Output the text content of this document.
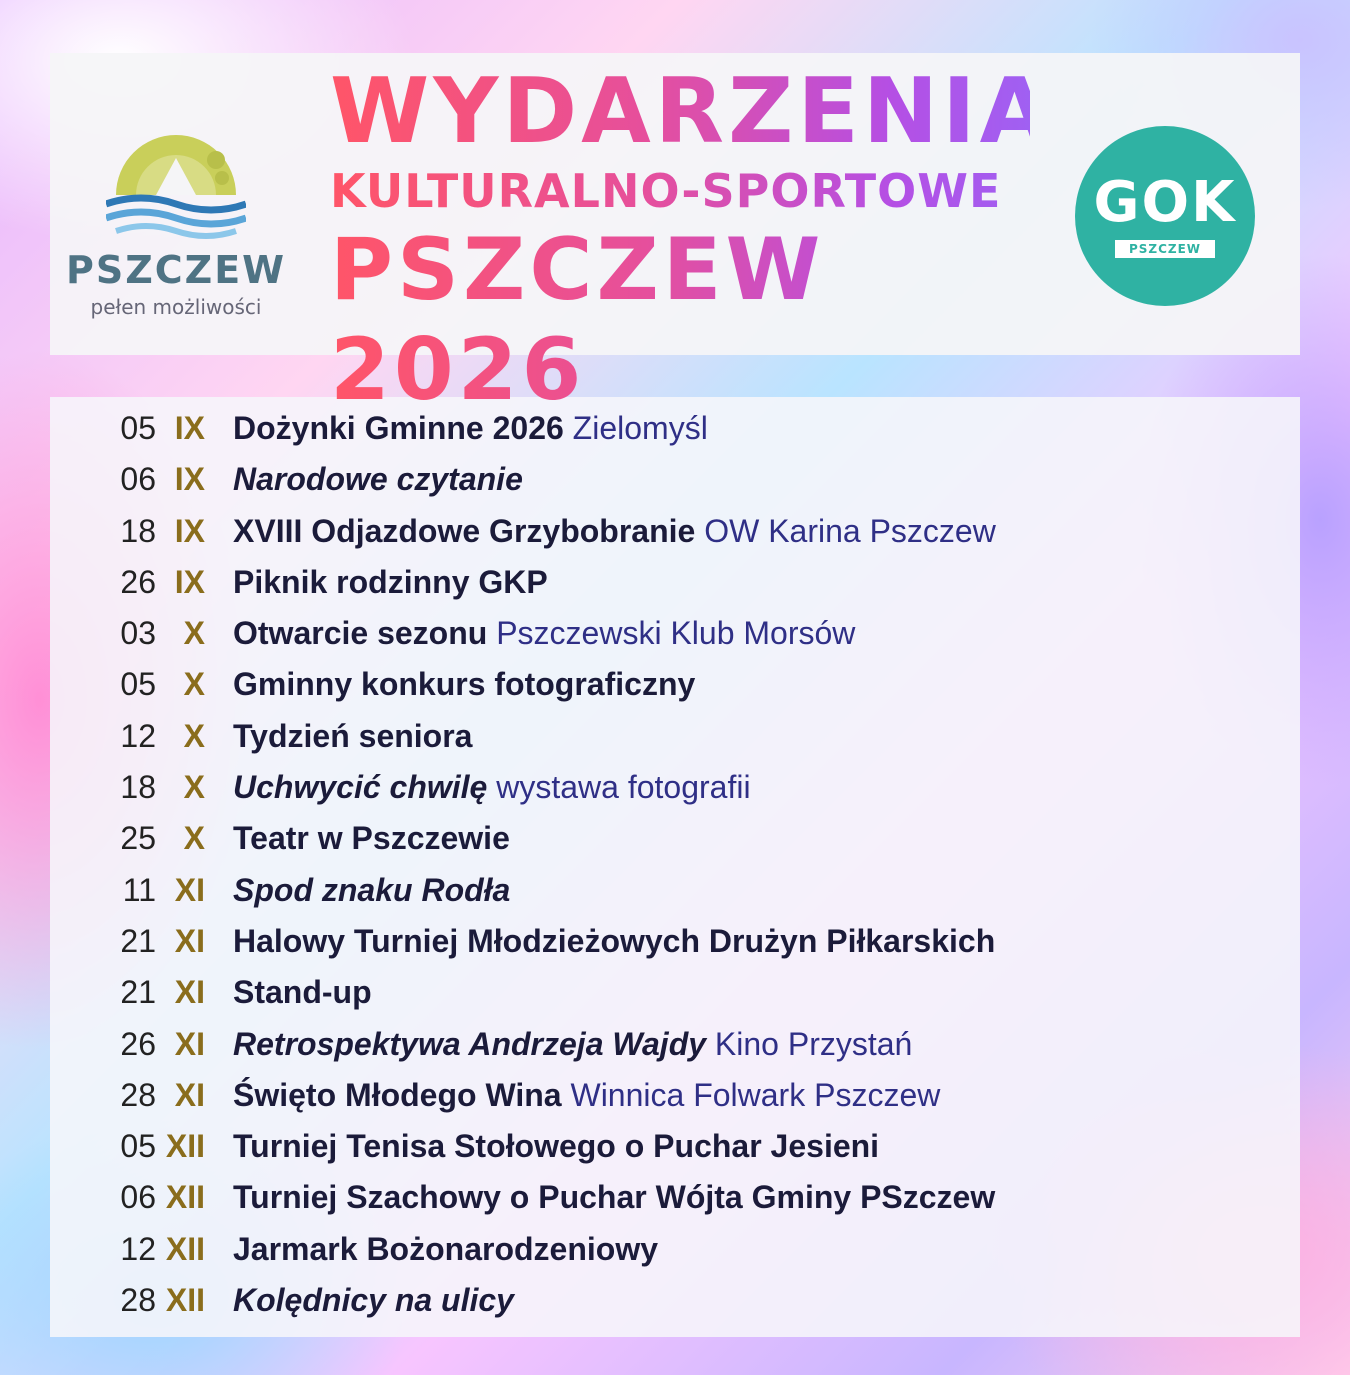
PSZCZEW
pełen możliwości
WYDARZENIA
KULTURALNO-SPORTOWE
PSZCZEW 2026
GOK
PSZCZEW
05 IX Dożynki Gminne 2026 Zielomyśl
06 IX Narodowe czytanie
18 IX XVIII Odjazdowe Grzybobranie OW Karina Pszczew
26 IX Piknik rodzinny GKP
03 X Otwarcie sezonu Pszczewski Klub Morsów
05 X Gminny konkurs fotograficzny
12 X Tydzień seniora
18 X Uchwycić chwilę wystawa fotografii
25 X Teatr w Pszczewie
11 XI Spod znaku Rodła
21 XI Halowy Turniej Młodzieżowych Drużyn Piłkarskich
21 XI Stand-up
26 XI Retrospektywa Andrzeja Wajdy Kino Przystań
28 XI Święto Młodego Wina Winnica Folwark Pszczew
05 XII Turniej Tenisa Stołowego o Puchar Jesieni
06 XII Turniej Szachowy o Puchar Wójta Gminy PSzczew
12 XII Jarmark Bożonarodzeniowy
28 XII Kolędnicy na ulicy
